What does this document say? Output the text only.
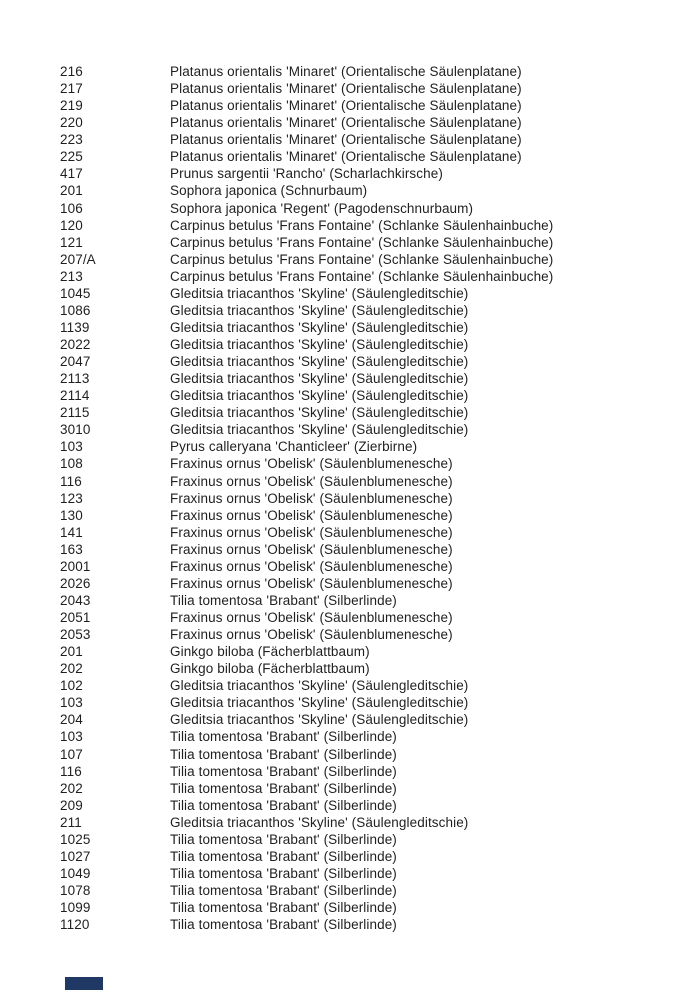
216	Platanus orientalis 'Minaret' (Orientalische Säulenplatane)
217	Platanus orientalis 'Minaret' (Orientalische Säulenplatane)
219	Platanus orientalis 'Minaret' (Orientalische Säulenplatane)
220	Platanus orientalis 'Minaret' (Orientalische Säulenplatane)
223	Platanus orientalis 'Minaret' (Orientalische Säulenplatane)
225	Platanus orientalis 'Minaret' (Orientalische Säulenplatane)
417	Prunus sargentii 'Rancho' (Scharlachkirsche)
201	Sophora japonica (Schnurbaum)
106	Sophora japonica 'Regent' (Pagodenschnurbaum)
120	Carpinus betulus 'Frans Fontaine' (Schlanke Säulenhainbuche)
121	Carpinus betulus 'Frans Fontaine' (Schlanke Säulenhainbuche)
207/A	Carpinus betulus 'Frans Fontaine' (Schlanke Säulenhainbuche)
213	Carpinus betulus 'Frans Fontaine' (Schlanke Säulenhainbuche)
1045	Gleditsia triacanthos 'Skyline' (Säulengleditschie)
1086	Gleditsia triacanthos 'Skyline' (Säulengleditschie)
1139	Gleditsia triacanthos 'Skyline' (Säulengleditschie)
2022	Gleditsia triacanthos 'Skyline' (Säulengleditschie)
2047	Gleditsia triacanthos 'Skyline' (Säulengleditschie)
2113	Gleditsia triacanthos 'Skyline' (Säulengleditschie)
2114	Gleditsia triacanthos 'Skyline' (Säulengleditschie)
2115	Gleditsia triacanthos 'Skyline' (Säulengleditschie)
3010	Gleditsia triacanthos 'Skyline' (Säulengleditschie)
103	Pyrus calleryana 'Chanticleer' (Zierbirne)
108	Fraxinus ornus 'Obelisk' (Säulenblumenesche)
116	Fraxinus ornus 'Obelisk' (Säulenblumenesche)
123	Fraxinus ornus 'Obelisk' (Säulenblumenesche)
130	Fraxinus ornus 'Obelisk' (Säulenblumenesche)
141	Fraxinus ornus 'Obelisk' (Säulenblumenesche)
163	Fraxinus ornus 'Obelisk' (Säulenblumenesche)
2001	Fraxinus ornus 'Obelisk' (Säulenblumenesche)
2026	Fraxinus ornus 'Obelisk' (Säulenblumenesche)
2043	Tilia tomentosa 'Brabant' (Silberlinde)
2051	Fraxinus ornus 'Obelisk' (Säulenblumenesche)
2053	Fraxinus ornus 'Obelisk' (Säulenblumenesche)
201	Ginkgo biloba (Fächerblattbaum)
202	Ginkgo biloba (Fächerblattbaum)
102	Gleditsia triacanthos 'Skyline' (Säulengleditschie)
103	Gleditsia triacanthos 'Skyline' (Säulengleditschie)
204	Gleditsia triacanthos 'Skyline' (Säulengleditschie)
103	Tilia tomentosa 'Brabant' (Silberlinde)
107	Tilia tomentosa 'Brabant' (Silberlinde)
116	Tilia tomentosa 'Brabant' (Silberlinde)
202	Tilia tomentosa 'Brabant' (Silberlinde)
209	Tilia tomentosa 'Brabant' (Silberlinde)
211	Gleditsia triacanthos 'Skyline' (Säulengleditschie)
1025	Tilia tomentosa 'Brabant' (Silberlinde)
1027	Tilia tomentosa 'Brabant' (Silberlinde)
1049	Tilia tomentosa 'Brabant' (Silberlinde)
1078	Tilia tomentosa 'Brabant' (Silberlinde)
1099	Tilia tomentosa 'Brabant' (Silberlinde)
1120	Tilia tomentosa 'Brabant' (Silberlinde)
